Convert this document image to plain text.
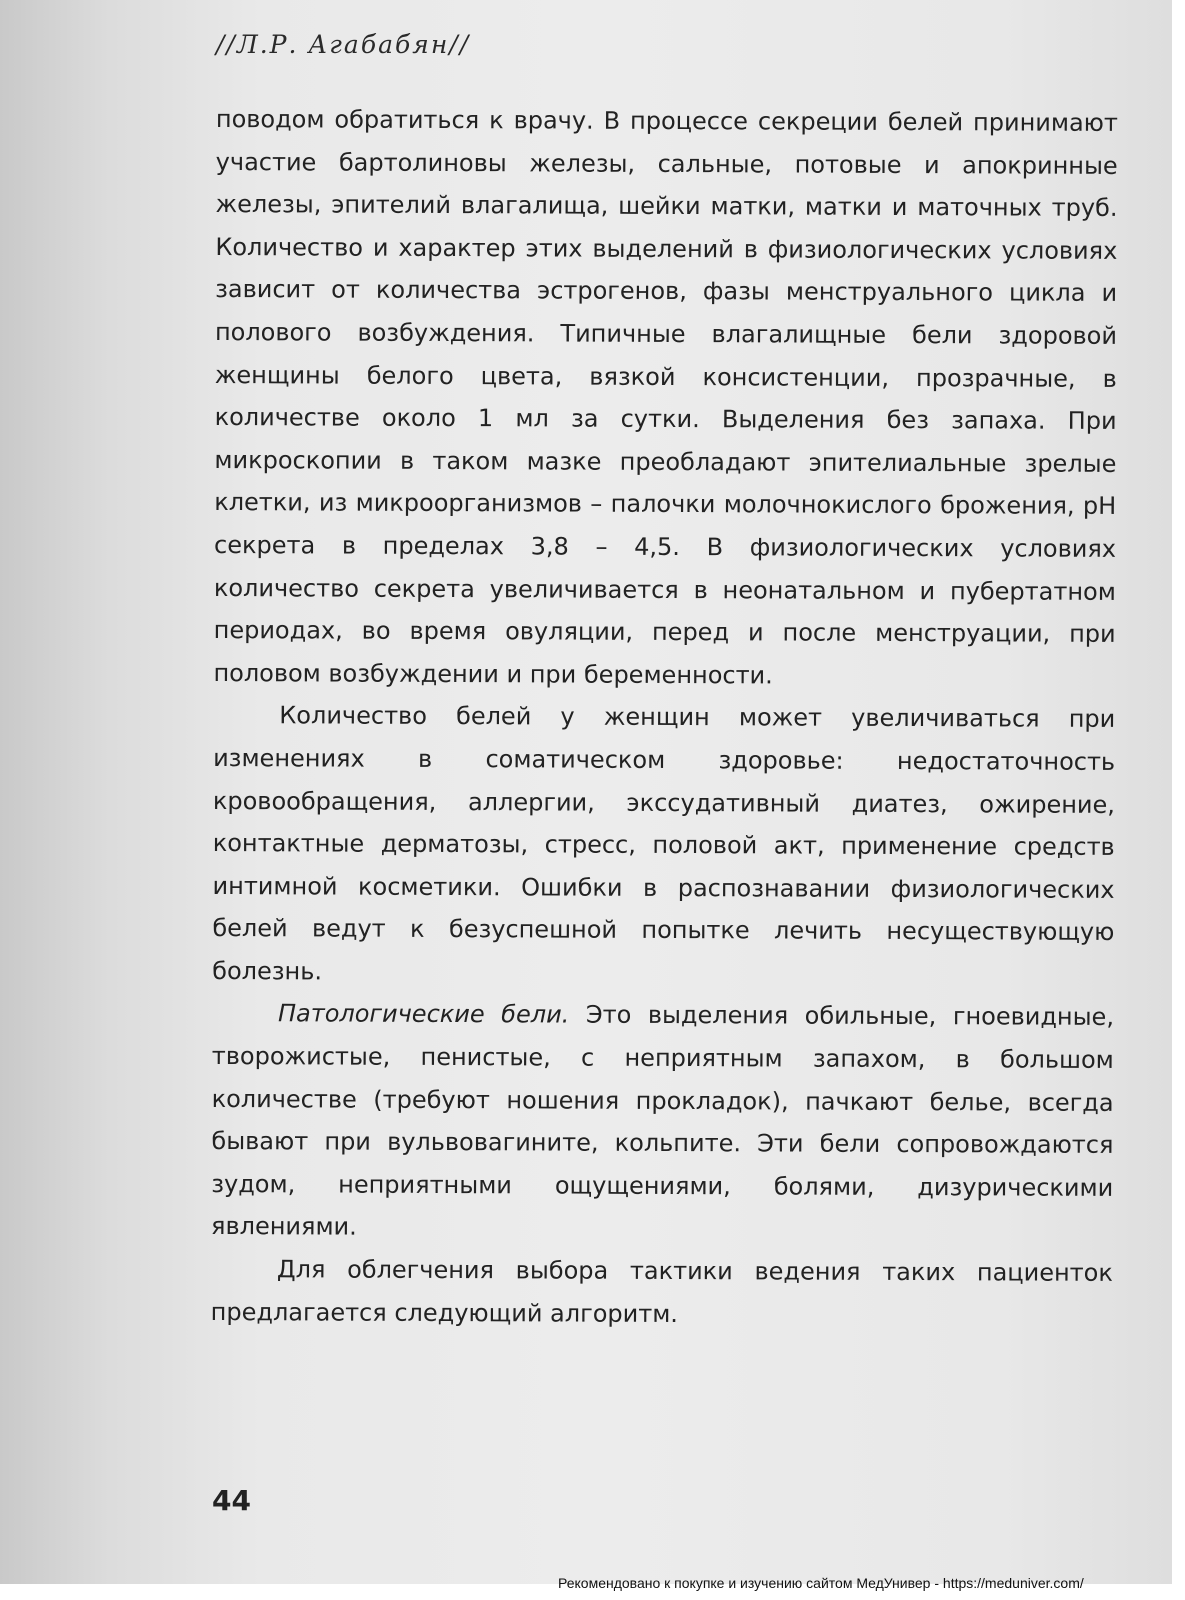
//Л.Р. Агабабян//

поводом обратиться к врачу. В процессе секреции белей принимают участие бартолиновы железы, сальные, потовые и апокринные железы, эпителий влагалища, шейки матки, матки и маточных труб. Количество и характер этих выделений в физиологических условиях зависит от количества эстрогенов, фазы менструального цикла и полового возбуждения. Типичные влагалищные бели здоровой женщины белого цвета, вязкой консистенции, прозрачные, в количестве около 1 мл за сутки. Выделения без запаха. При микроскопии в таком мазке преобладают эпителиальные зрелые клетки, из микроорганизмов – палочки молочнокислого брожения, pH секрета в пределах 3,8 – 4,5. В физиологических условиях количество секрета увеличивается в неонатальном и пубертатном периодах, во время овуляции, перед и после менструации, при половом возбуждении и при беременности.

Количество белей у женщин может увеличиваться при изменениях в соматическом здоровье: недостаточность кровообращения, аллергии, экссудативный диатез, ожирение, контактные дерматозы, стресс, половой акт, применение средств интимной косметики. Ошибки в распознавании физиологических белей ведут к безуспешной попытке лечить несуществующую болезнь.

Патологические бели. Это выделения обильные, гноевидные, творожистые, пенистые, с неприятным запахом, в большом количестве (требуют ношения прокладок), пачкают белье, всегда бывают при вульвовагините, кольпите. Эти бели сопровождаются зудом, неприятными ощущениями, болями, дизурическими явлениями.

Для облегчения выбора тактики ведения таких пациенток предлагается следующий алгоритм.

44
Рекомендовано к покупке и изучению сайтом МедУнивер - https://meduniver.com/
